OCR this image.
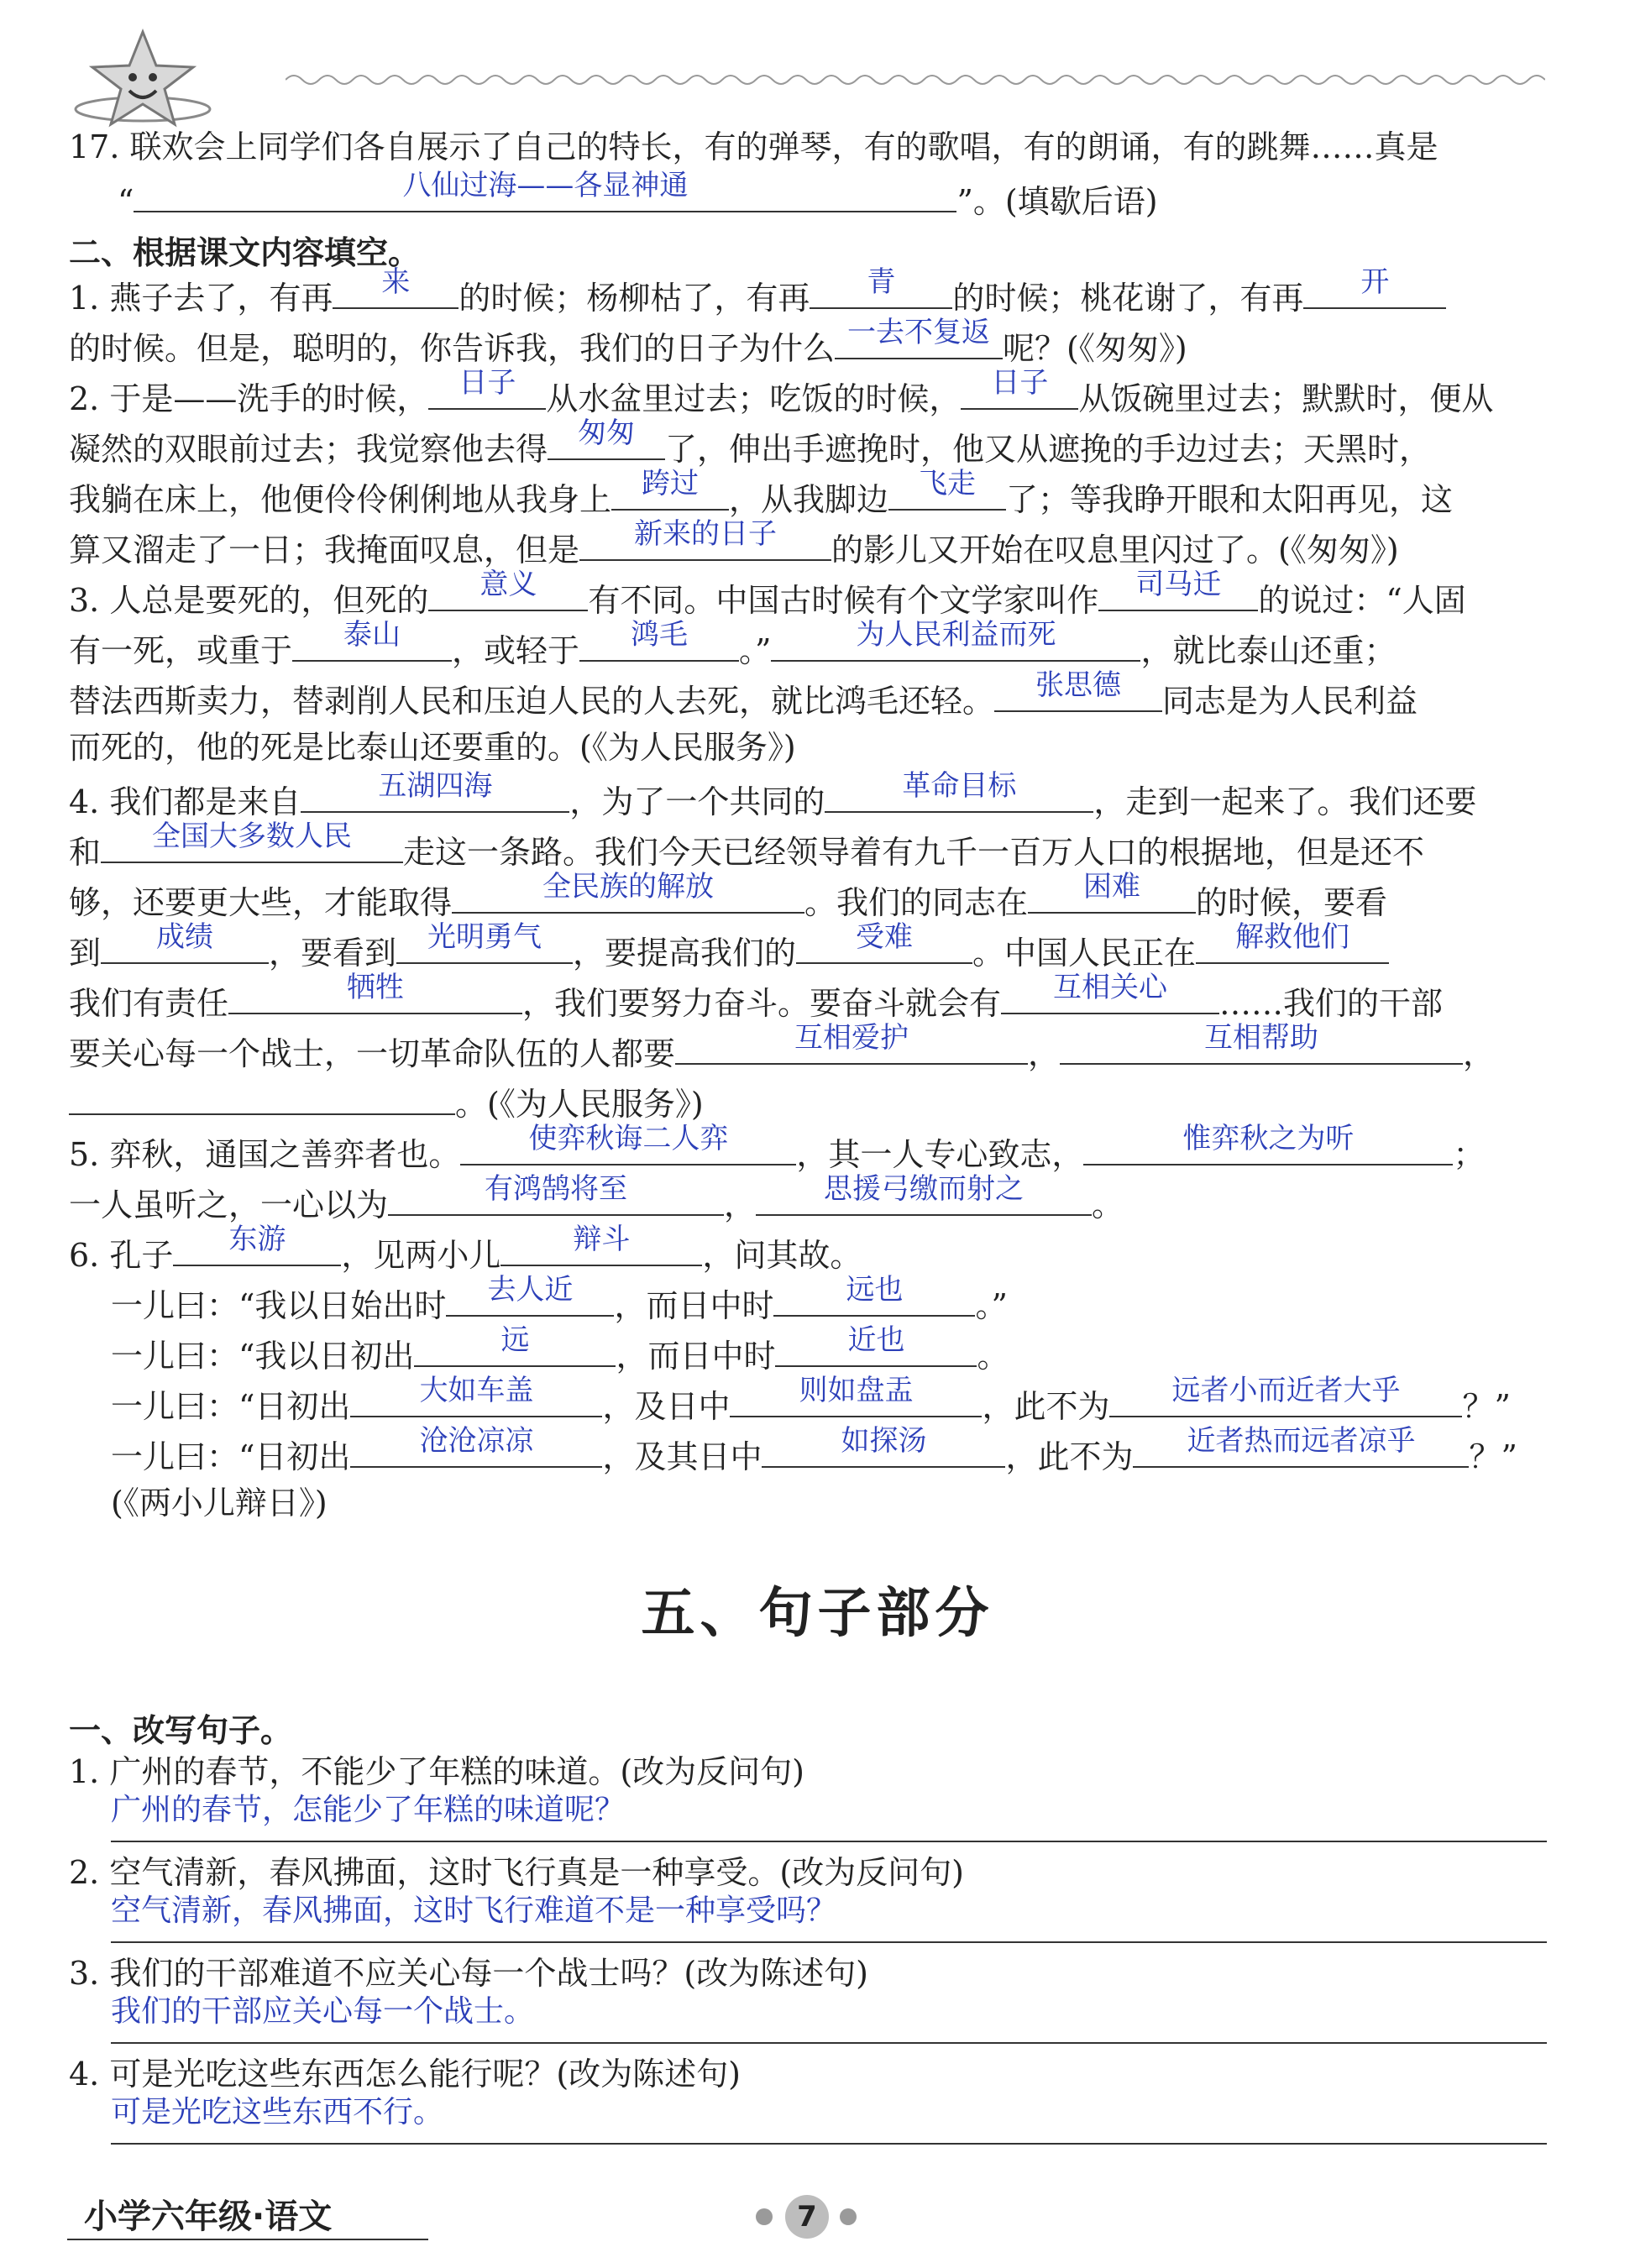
17. 联欢会上同学们各自展示了自己的特长，有的弹琴，有的歌唱，有的朗诵，有的跳舞……真是
“	八仙过海——各显神通	”。(填歇后语)
二、根据课文内容填空。
1. 燕子去了，有再	来	的时候；杨柳枯了，有再	青	的时候；桃花谢了，有再	开
的时候。但是，聪明的，你告诉我，我们的日子为什么 一去不复返 呢？(《匆匆》)
2. 于是——洗手的时候，	日子 从水盆里过去；吃饭的时候，	日子 从饭碗里过去；默默时，便从
凝然的双眼前过去；我觉察他去得	匆匆 了，伸出手遮挽时，他又从遮挽的手边过去；天黑时，
我躺在床上，他便伶伶俐俐地从我身上	跨过 ，从我脚边	飞走 了；等我睁开眼和太阳再见，这
算又溜走了一日；我掩面叹息，但是	新来的日子	的影儿又开始在叹息里闪过了。(《匆匆》)
3. 人总是要死的，但死的	意义	有不同。中国古时候有个文学家叫作	司马迁	的说过：“人固
有一死，或重于	泰山	，或轻于	鸿毛	。”	为人民利益而死	，就比泰山还重；
替法西斯卖力，替剥削人民和压迫人民的人去死，就比鸿毛还轻。	张思德	同志是为人民利益
而死的，他的死是比泰山还要重的。(《为人民服务》)
4. 我们都是来自	五湖四海	，为了一个共同的	革命目标	，走到一起来了。我们还要
和	全国大多数人民	走这一条路。我们今天已经领导着有九千一百万人口的根据地，但是还不
够，还要更大些，才能取得	全民族的解放	。我们的同志在	困难	的时候，要看
到	成绩	，要看到	光明勇气 ，要提高我们的	受难	。中国人民正在	解救他们
我们有责任	牺牲	，我们要努力奋斗。要奋斗就会有	互相关心	……我们的干部
要关心每一个战士，一切革命队伍的人都要	互相爱护	，	互相帮助	，
。(《为人民服务》)
5. 弈秋，通国之善弈者也。	使弈秋诲二人弈	，其一人专心致志，	惟弈秋之为听	；
一人虽听之，一心以为	有鸿鹄将至	，	思援弓缴而射之	。
6. 孔子	东游	，见两小儿	辩斗	，问其故。
一儿曰：“我以日始出时	去人近	，而日中时	远也	。”
一儿曰：“我以日初出	远	，而日中时	近也	。
一儿曰：“日初出	大如车盖	，及日中	则如盘盂	，此不为	远者小而近者大乎	？”
一儿曰：“日初出	沧沧凉凉	，及其日中	如探汤	，此不为	近者热而远者凉乎	？”
(《两小儿辩日》)
五、句子部分
一、改写句子。
1. 广州的春节，不能少了年糕的味道。(改为反问句)
广州的春节，怎能少了年糕的味道呢？
2. 空气清新，春风拂面，这时飞行真是一种享受。(改为反问句)
空气清新，春风拂面，这时飞行难道不是一种享受吗？
3. 我们的干部难道不应关心每一个战士吗？(改为陈述句)
我们的干部应关心每一个战士。
4. 可是光吃这些东西怎么能行呢？(改为陈述句)
可是光吃这些东西不行。
小学六年级·语文	7
